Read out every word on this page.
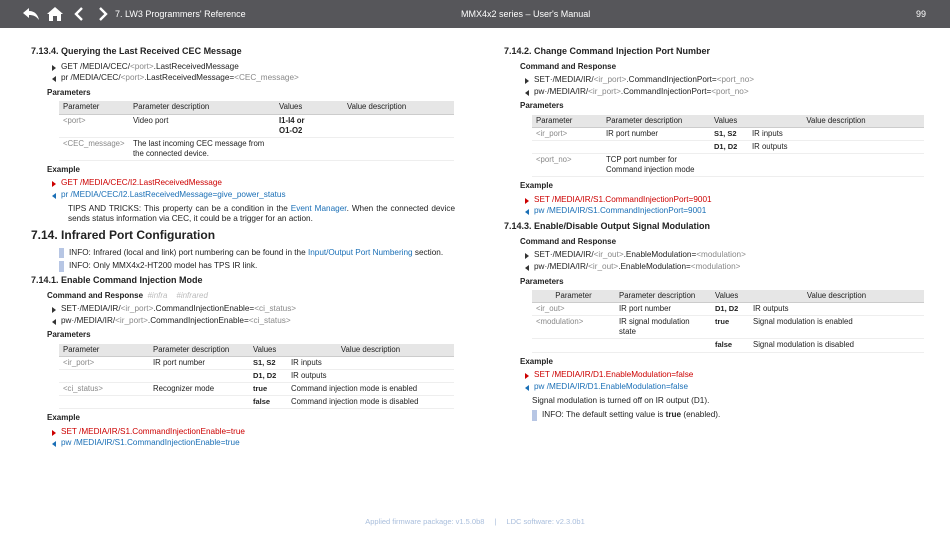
7. LW3 Programmers' Reference	MMX4x2 series – User's Manual	99
7.13.4. Querying the Last Received CEC Message
GET /MEDIA/CEC/<port>.LastReceivedMessage
pr /MEDIA/CEC/<port>.LastReceivedMessage=<CEC_message>
Parameters
Parameter	Parameter description	Values	Value description
<port>	Video port	I1-I4 or
O1-O2	
<CEC_message>	The last incoming CEC message from the connected device.		
Example
GET /MEDIA/CEC/I2.LastReceivedMessage
pr /MEDIA/CEC/I2.LastReceivedMessage=give_power_status
TIPS AND TRICKS: This property can be a condition in the Event Manager. When the connected device sends status information via CEC, it could be a trigger for an action.
7.14. Infrared Port Configuration
INFO: Infrared (local and link) port numbering can be found in the Input/Output Port Numbering section.
INFO: Only MMX4x2-HT200 model has TPS IR link.
7.14.1. Enable Command Injection Mode
Command and Response #infra #infrared
SET·/MEDIA/IR/<ir_port>.CommandInjectionEnable=<ci_status>
pw·/MEDIA/IR/<ir_port>.CommandInjectionEnable=<ci_status>
Parameters
Parameter	Parameter description	Values	Value description
<ir_port>	IR port number	S1, S2	IR inputs
		D1, D2	IR outputs
<ci_status>	Recognizer mode	true	Command injection mode is enabled
		false	Command injection mode is disabled
Example
SET /MEDIA/IR/S1.CommandInjectionEnable=true
pw /MEDIA/IR/S1.CommandInjectionEnable=true
7.14.2. Change Command Injection Port Number
Command and Response
SET·/MEDIA/IR/<ir_port>.CommandInjectionPort=<port_no>
pw·/MEDIA/IR/<ir_port>.CommandInjectionPort=<port_no>
Parameters
Parameter	Parameter description	Values	Value description
<ir_port>	IR port number	S1, S2	IR inputs
		D1, D2	IR outputs
<port_no>	TCP port number for Command injection mode		
Example
SET /MEDIA/IR/S1.CommandInjectionPort=9001
pw /MEDIA/IR/S1.CommandInjectionPort=9001
7.14.3. Enable/Disable Output Signal Modulation
Command and Response
SET·/MEDIA/IR/<ir_out>.EnableModulation=<modulation>
pw·/MEDIA/IR/<ir_out>.EnableModulation=<modulation>
Parameters
Parameter	Parameter description	Values	Value description
<ir_out>	IR port number	D1, D2	IR outputs
<modulation>	IR signal modulation state	true	Signal modulation is enabled
		false	Signal modulation is disabled
Example
SET /MEDIA/IR/D1.EnableModulation=false
pw /MEDIA/IR/D1.EnableModulation=false
Signal modulation is turned off on IR output (D1).
INFO: The default setting value is true (enabled).
Applied firmware package: v1.5.0b8 | LDC software: v2.3.0b1
